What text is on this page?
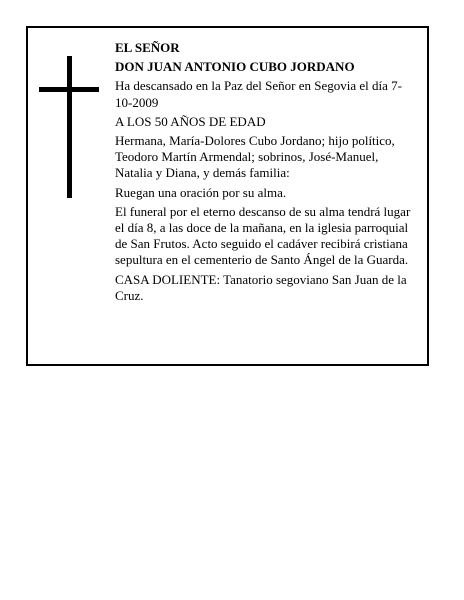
EL SEÑOR

DON JUAN ANTONIO CUBO JORDANO

Ha descansado en la Paz del Señor en Segovia el día 7-10-2009

A LOS 50 AÑOS DE EDAD

Hermana, María-Dolores Cubo Jordano; hijo político, Teodoro Martín Armendal; sobrinos, José-Manuel, Natalia y Diana, y demás familia:

Ruegan una oración por su alma.

El funeral por el eterno descanso de su alma tendrá lugar el día 8, a las doce de la mañana, en la iglesia parroquial de San Frutos. Acto seguido el cadáver recibirá cristiana sepultura en el cementerio de Santo Ángel de la Guarda.

CASA DOLIENTE: Tanatorio segoviano San Juan de la Cruz.
